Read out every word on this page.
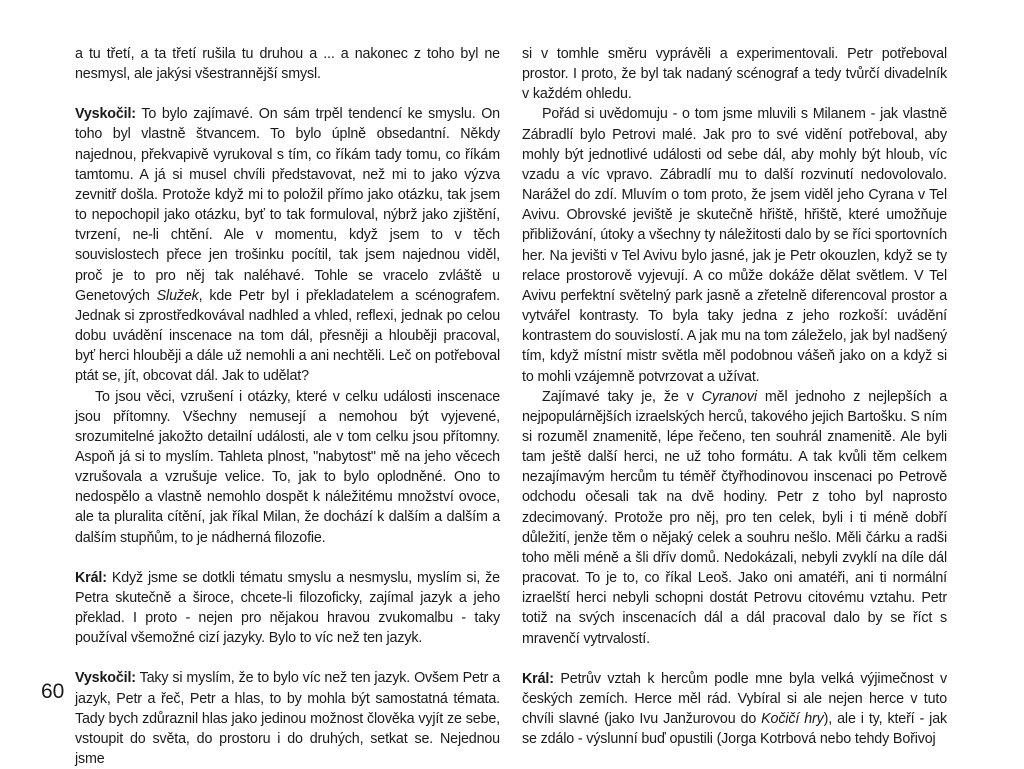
60

a tu třetí, a ta třetí rušila tu druhou a ... a nakonec z toho byl ne nesmysl, ale jakýsi všestrannější smysl.

Vyskočil: To bylo zajímavé. On sám trpěl tendencí ke smyslu. On toho byl vlastně štvancem. To bylo úplně obsedantní. Někdy najednou, překvapivě vyrukoval s tím, co říkám tady tomu, co říkám tamtomu. A já si musel chvíli představovat, než mi to jako výzva zevnitř došla. Protože když mi to položil přímo jako otázku, tak jsem to nepochopil jako otázku, byť to tak formuloval, nýbrž jako zjištění, tvrzení, ne-li chtění. Ale v momentu, když jsem to v těch souvislostech přece jen trošinku pocítil, tak jsem najednou viděl, proč je to pro něj tak naléhavé. Tohle se vracelo zvláště u Genetových Služek, kde Petr byl i překladatelem a scénografem. Jednak si zprostředkovával nadhled a vhled, reflexi, jednak po celou dobu uvádění inscenace na tom dál, přesněji a hlouběji pracoval, byť herci hlouběji a dále už nemohli a ani nechtěli. Leč on potřeboval ptát se, jít, obcovat dál. Jak to udělat?

To jsou věci, vzrušení i otázky, které v celku události inscenace jsou přítomny. Všechny nemusejí a nemohou být vyjevené, srozumitelné jakožto detailní události, ale v tom celku jsou přítomny. Aspoň já si to myslím. Tahleta plnost, "nabytost" mě na jeho věcech vzrušovala a vzrušuje velice. To, jak to bylo oplodněné. Ono to nedospělo a vlastně nemohlo dospět k náležitému množství ovoce, ale ta pluralita cítění, jak říkal Milan, že dochází k dalším a dalším a dalším stupňům, to je nádherná filozofie.

Král: Když jsme se dotkli tématu smyslu a nesmyslu, myslím si, že Petra skutečně a široce, chcete-li filozoficky, zajímal jazyk a jeho překlad. I proto - nejen pro nějakou hravou zvukomalbu - taky používal všemožné cizí jazyky. Bylo to víc než ten jazyk.

Vyskočil: Taky si myslím, že to bylo víc než ten jazyk. Ovšem Petr a jazyk, Petr a řeč, Petr a hlas, to by mohla být samostatná témata. Tady bych zdůraznil hlas jako jedinou možnost člověka vyjít ze sebe, vstoupit do světa, do prostoru i do druhých, setkat se. Nejednou jsme

si v tomhle směru vyprávěli a experimentovali. Petr potřeboval prostor. I proto, že byl tak nadaný scénograf a tedy tvůrčí divadelník v každém ohledu.

Pořád si uvědomuju - o tom jsme mluvili s Milanem - jak vlastně Zábradlí bylo Petrovi malé. Jak pro to své vidění potřeboval, aby mohly být jednotlivé události od sebe dál, aby mohly být hloub, víc vzadu a víc vpravo. Zábradlí mu to další rozvinutí nedovolovalo. Narážel do zdí. Mluvím o tom proto, že jsem viděl jeho Cyrana v Tel Avivu. Obrovské jeviště je skutečně hřiště, hřiště, které umožňuje přibližování, útoky a všechny ty náležitosti dalo by se říci sportovních her. Na jevišti v Tel Avivu bylo jasné, jak je Petr okouzlen, když se ty relace prostorově vyjevují. A co může dokáže dělat světlem. V Tel Avivu perfektní světelný park jasně a zřetelně diferencoval prostor a vytvářel kontrasty. To byla taky jedna z jeho rozkoší: uvádění kontrastem do souvislostí. A jak mu na tom záleželo, jak byl nadšený tím, když místní mistr světla měl podobnou vášeň jako on a když si to mohli vzájemně potvrzovat a užívat.

Zajímavé taky je, že v Cyranovi měl jednoho z nejlepších a nejpopulárnějších izraelských herců, takového jejich Bartošku. S ním si rozuměl znamenitě, lépe řečeno, ten souhrál znamenitě. Ale byli tam ještě další herci, ne už toho formátu. A tak kvůli těm celkem nezajímavým hercům tu téměř čtyřhodinovou inscenaci po Petrově odchodu očesali tak na dvě hodiny. Petr z toho byl naprosto zdecimovaný. Protože pro něj, pro ten celek, byli i ti méně dobří důležití, jenže těm o nějaký celek a souhru nešlo. Měli čárku a radši toho měli méně a šli dřív domů. Nedokázali, nebyli zvyklí na díle dál pracovat. To je to, co říkal Leoš. Jako oni amatéři, ani ti normální izraelští herci nebyli schopni dostát Petrovu citovému vztahu. Petr totiž na svých inscenacích dál a dál pracoval dalo by se říct s mravenčí vytrvalostí.

Král: Petrův vztah k hercům podle mne byla velká výjimečnost v českých zemích. Herce měl rád. Vybíral si ale nejen herce v tuto chvíli slavné (jako Ivu Janžurovou do Kočičí hry), ale i ty, kteří - jak se zdálo - výslunní buď opustili (Jorga Kotrbová nebo tehdy Bořivoj
